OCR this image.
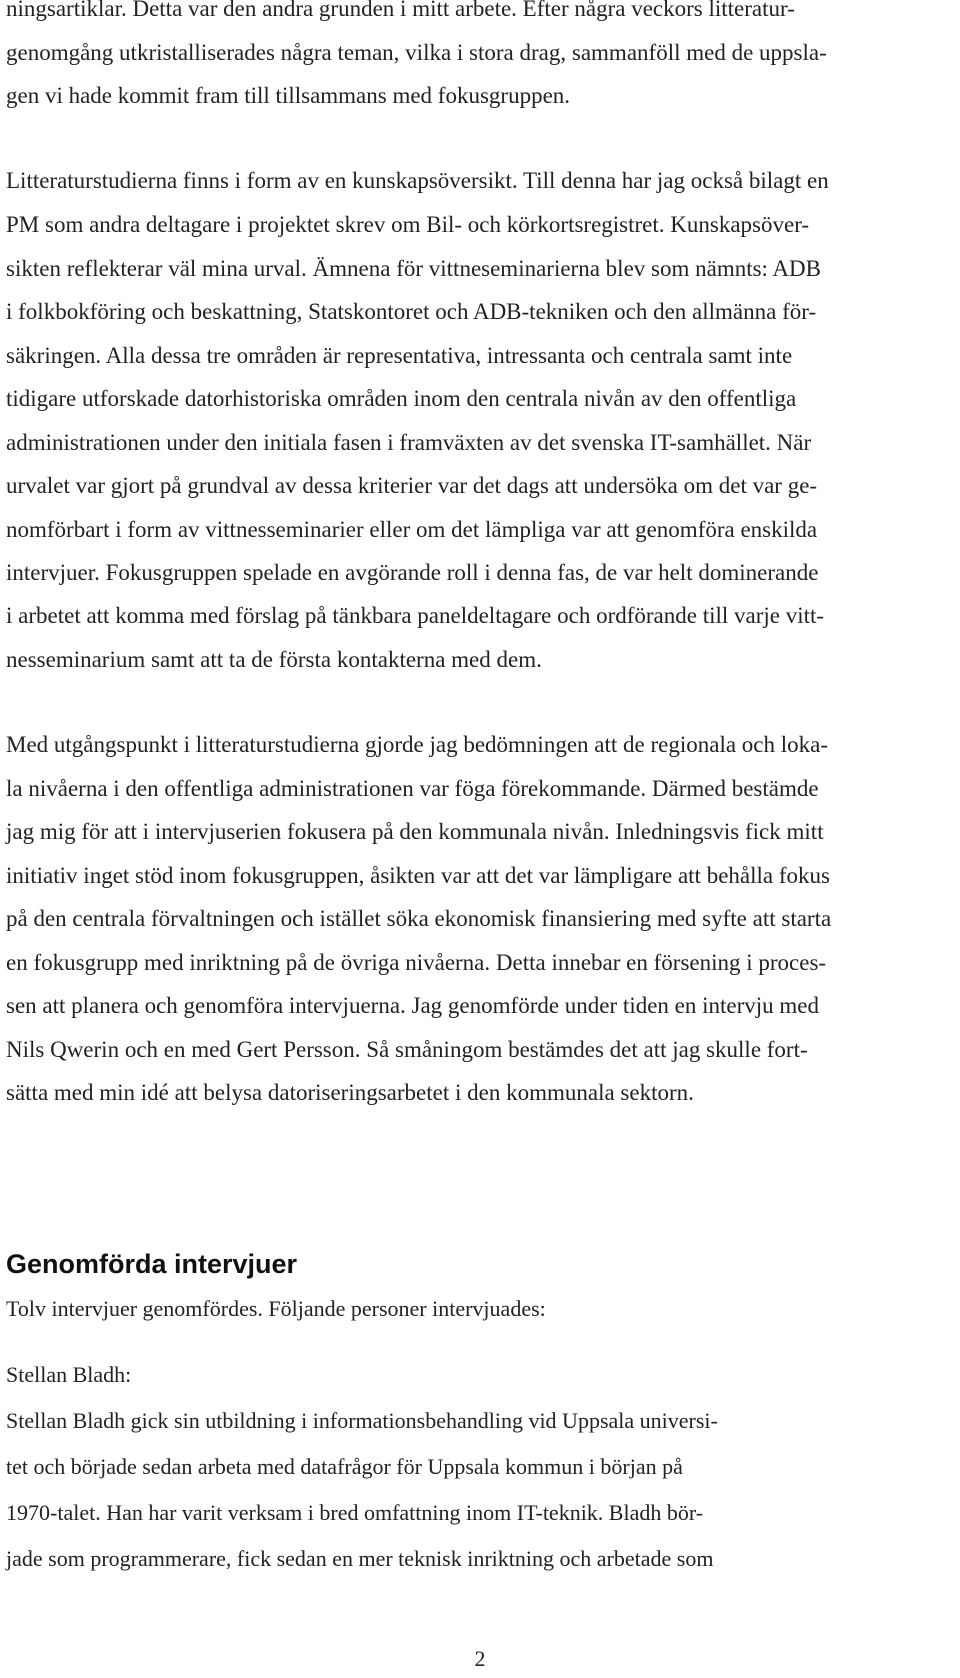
ningsartiklar. Detta var den andra grunden i mitt arbete. Efter några veckors litteratur-

genomgång utkristalliserades några teman, vilka i stora drag, sammanföll med de uppsla-

gen vi hade kommit fram till tillsammans med fokusgruppen.

Litteraturstudierna finns i form av en kunskapsöversikt. Till denna har jag också bilagt en

PM som andra deltagare i projektet skrev om Bil- och körkortsregistret. Kunskapsöver-

sikten reflekterar väl mina urval. Ämnena för vittneseminarierna blev som nämnts: ADB

i folkbokföring och beskattning, Statskontoret och ADB-tekniken och den allmänna för-

säkringen. Alla dessa tre områden är representativa, intressanta och centrala samt inte

tidigare utforskade datorhistoriska områden inom den centrala nivån av den offentliga

administrationen under den initiala fasen i framväxten av det svenska IT-samhället. När

urvalet var gjort på grundval av dessa kriterier var det dags att undersöka om det var ge-

nomförbart i form av vittnesseminarier eller om det lämpliga var att genomföra enskilda

intervjuer. Fokusgruppen spelade en avgörande roll i denna fas, de var helt dominerande

i arbetet att komma med förslag på tänkbara paneldeltagare och ordförande till varje vitt-

nesseminarium samt att ta de första kontakterna med dem.

Med utgångspunkt i litteraturstudierna gjorde jag bedömningen att de regionala och loka-

la nivåerna i den offentliga administrationen var föga förekommande. Därmed bestämde

jag mig för att i intervjuserien fokusera på den kommunala nivån. Inledningsvis fick mitt

initiativ inget stöd inom fokusgruppen, åsikten var att det var lämpligare att behålla fokus

på den centrala förvaltningen och istället söka ekonomisk finansiering med syfte att starta

en fokusgrupp med inriktning på de övriga nivåerna. Detta innebar en försening i proces-

sen att planera och genomföra intervjuerna. Jag genomförde under tiden en intervju med

Nils Qwerin och en med Gert Persson. Så småningom bestämdes det att jag skulle fort-

sätta med min idé att belysa datoriseringsarbetet i den kommunala sektorn.

Genomförda intervjuer

Tolv intervjuer genomfördes. Följande personer intervjuades:

Stellan Bladh:

Stellan Bladh gick sin utbildning i informationsbehandling vid Uppsala universi-

tet och började sedan arbeta med datafrågor för Uppsala kommun i början på

1970-talet. Han har varit verksam i bred omfattning inom IT-teknik. Bladh bör-

jade som programmerare, fick sedan en mer teknisk inriktning och arbetade som

2
